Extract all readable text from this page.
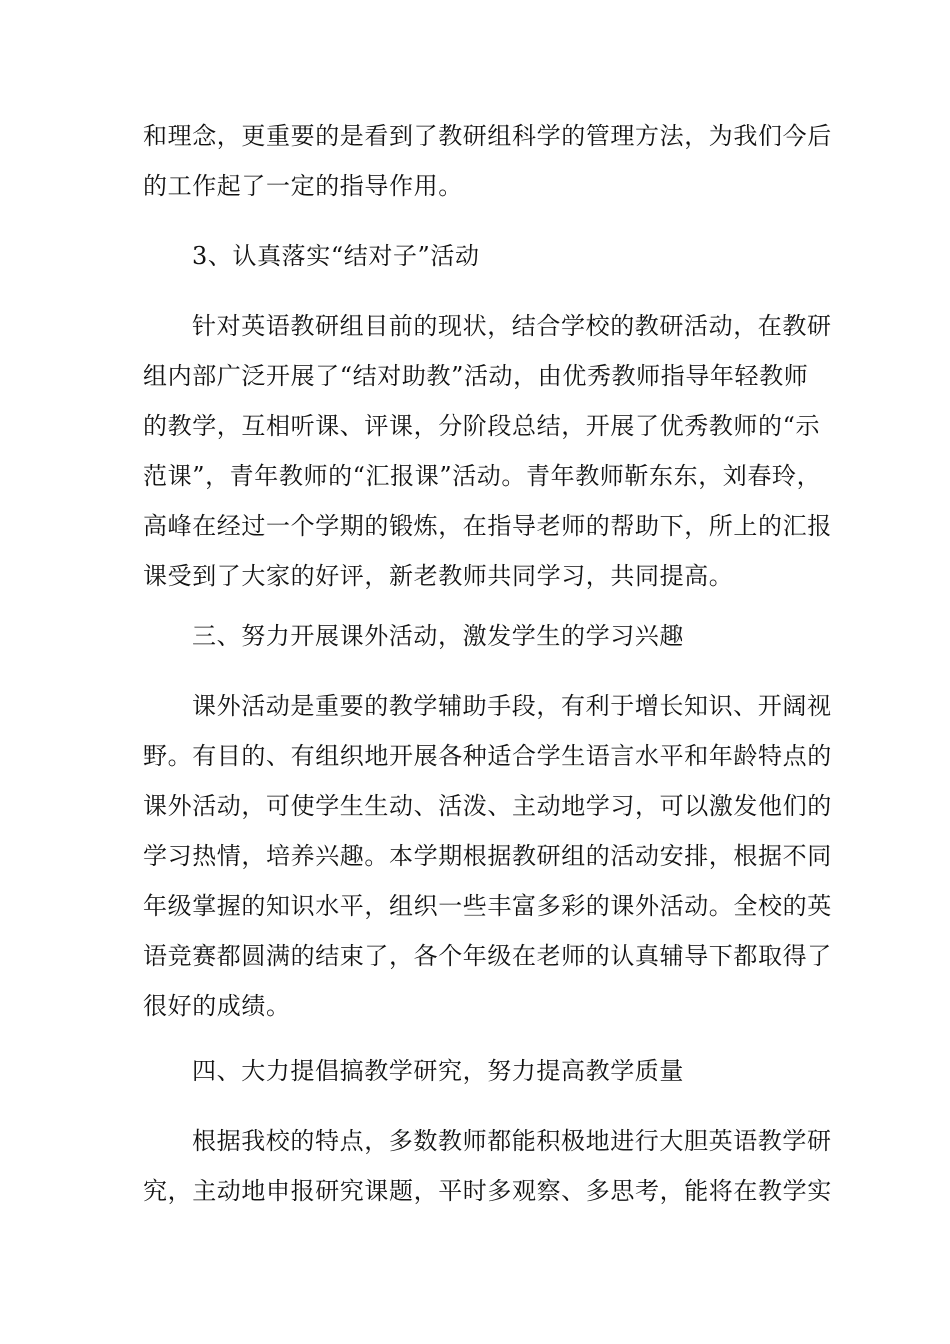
和理念，更重要的是看到了教研组科学的管理方法，为我们今后
的工作起了一定的指导作用。
3、认真落实“结对子”活动
针对英语教研组目前的现状，结合学校的教研活动，在教研
组内部广泛开展了“结对助教”活动，由优秀教师指导年轻教师
的教学，互相听课、评课，分阶段总结，开展了优秀教师的“示
范课”，青年教师的“汇报课”活动。青年教师靳东东，刘春玲，
高峰在经过一个学期的锻炼，在指导老师的帮助下，所上的汇报
课受到了大家的好评，新老教师共同学习，共同提高。
三、努力开展课外活动，激发学生的学习兴趣
课外活动是重要的教学辅助手段，有利于增长知识、开阔视
野。有目的、有组织地开展各种适合学生语言水平和年龄特点的
课外活动，可使学生生动、活泼、主动地学习，可以激发他们的
学习热情，培养兴趣。本学期根据教研组的活动安排，根据不同
年级掌握的知识水平，组织一些丰富多彩的课外活动。全校的英
语竞赛都圆满的结束了，各个年级在老师的认真辅导下都取得了
很好的成绩。
四、大力提倡搞教学研究，努力提高教学质量
根据我校的特点，多数教师都能积极地进行大胆英语教学研
究，主动地申报研究课题，平时多观察、多思考，能将在教学实
